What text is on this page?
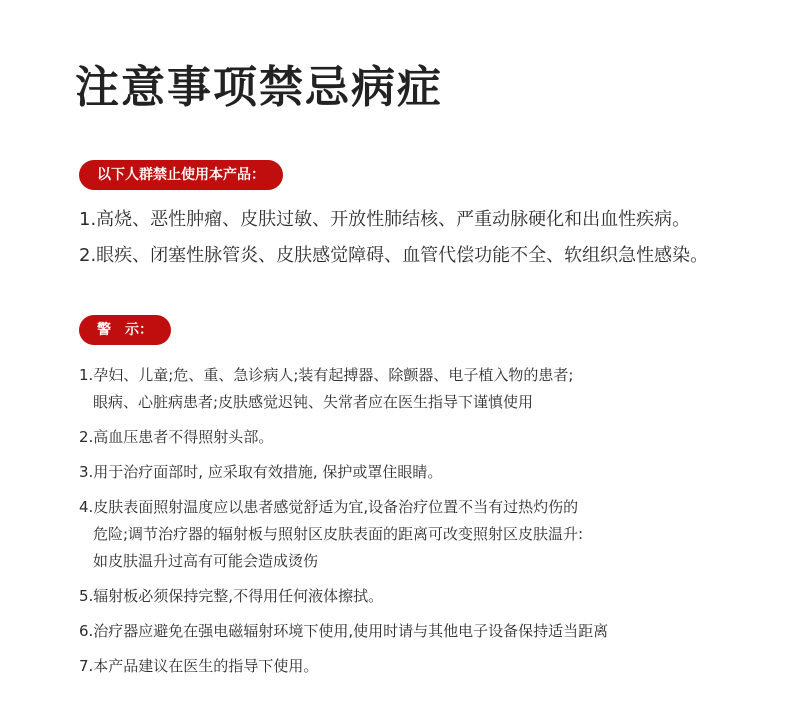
注意事项禁忌病症
以下人群禁止使用本产品：
1.高烧、恶性肿瘤、皮肤过敏、开放性肺结核、严重动脉硬化和出血性疾病。
2.眼疾、闭塞性脉管炎、皮肤感觉障碍、血管代偿功能不全、软组织急性感染。
警　示：
1.孕妇、儿童;危、重、急诊病人;装有起搏器、除颤器、电子植入物的患者;
眼病、心脏病患者;皮肤感觉迟钝、失常者应在医生指导下谨慎使用
2.高血压患者不得照射头部。
3.用于治疗面部时, 应采取有效措施, 保护或罩住眼睛。
4.皮肤表面照射温度应以患者感觉舒适为宜,设备治疗位置不当有过热灼伤的
危险;调节治疗器的辐射板与照射区皮肤表面的距离可改变照射区皮肤温升:
如皮肤温升过高有可能会造成烫伤
5.辐射板必须保持完整,不得用任何液体擦拭。
6.治疗器应避免在强电磁辐射环境下使用,使用时请与其他电子设备保持适当距离
7.本产品建议在医生的指导下使用。
